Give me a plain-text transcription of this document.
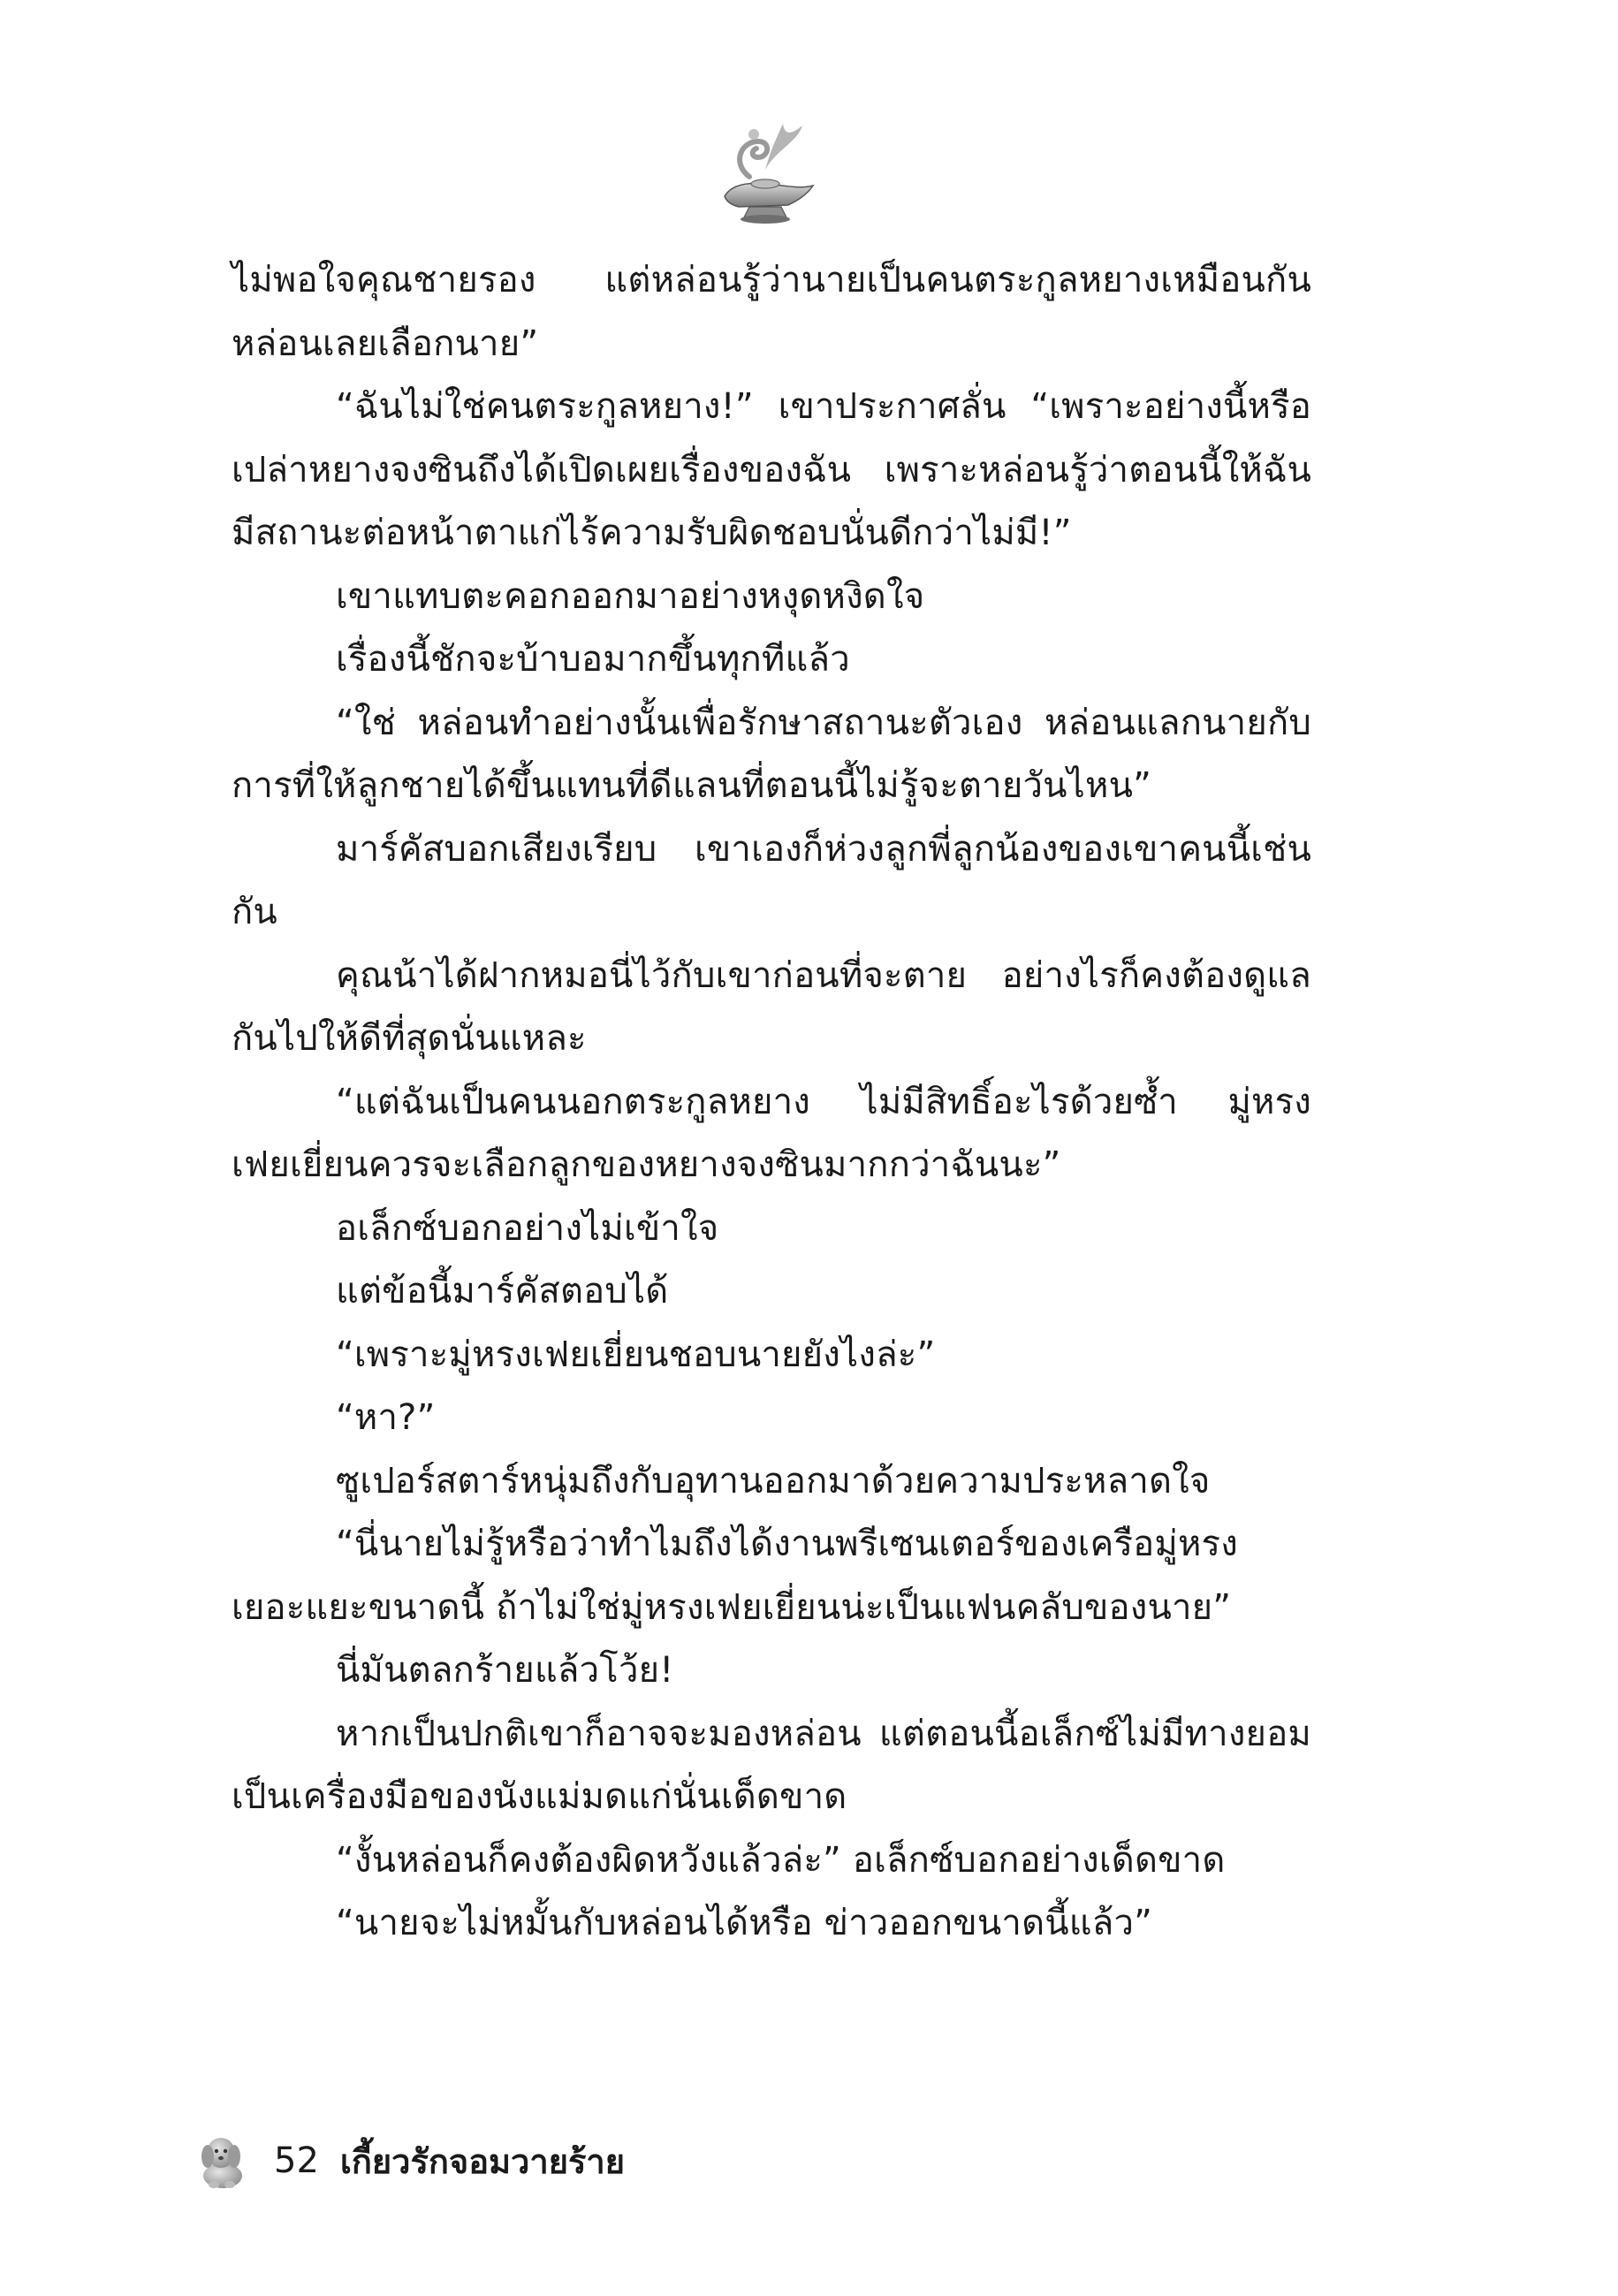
ไม่พอใจคุณชายรอง แต่หล่อนรู้ว่านายเป็นคนตระกูลหยางเหมือนกัน หล่อนเลยเลือกนาย”

“ฉันไม่ใช่คนตระกูลหยาง!” เขาประกาศลั่น “เพราะอย่างนี้หรือเปล่าหยางจงซินถึงได้เปิดเผยเรื่องของฉัน เพราะหล่อนรู้ว่าตอนนี้ให้ฉันมีสถานะต่อหน้าตาแก่ไร้ความรับผิดชอบนั่นดีกว่าไม่มี!”

เขาแทบตะคอกออกมาอย่างหงุดหงิดใจ

เรื่องนี้ชักจะบ้าบอมากขึ้นทุกทีแล้ว

“ใช่ หล่อนทำอย่างนั้นเพื่อรักษาสถานะตัวเอง หล่อนแลกนายกับการที่ให้ลูกชายได้ขึ้นแทนที่ดีแลนที่ตอนนี้ไม่รู้จะตายวันไหน”

มาร์คัสบอกเสียงเรียบ เขาเองก็ห่วงลูกพี่ลูกน้องของเขาคนนี้เช่นกัน

คุณน้าได้ฝากหมอนี่ไว้กับเขาก่อนที่จะตาย อย่างไรก็คงต้องดูแลกันไปให้ดีที่สุดนั่นแหละ

“แต่ฉันเป็นคนนอกตระกูลหยาง ไม่มีสิทธิ์อะไรด้วยซ้ำ มู่หรงเฟยเยี่ยนควรจะเลือกลูกของหยางจงซินมากกว่าฉันนะ”

อเล็กซ์บอกอย่างไม่เข้าใจ

แต่ข้อนี้มาร์คัสตอบได้

“เพราะมู่หรงเฟยเยี่ยนชอบนายยังไงล่ะ”

“หา?”

ซูเปอร์สตาร์หนุ่มถึงกับอุทานออกมาด้วยความประหลาดใจ

“นี่นายไม่รู้หรือว่าทำไมถึงได้งานพรีเซนเตอร์ของเครือมู่หรงเยอะแยะขนาดนี้ ถ้าไม่ใช่มู่หรงเฟยเยี่ยนน่ะเป็นแฟนคลับของนาย”

นี่มันตลกร้ายแล้วโว้ย!

หากเป็นปกติเขาก็อาจจะมองหล่อน แต่ตอนนี้อเล็กซ์ไม่มีทางยอมเป็นเครื่องมือของนังแม่มดแก่นั่นเด็ดขาด

“งั้นหล่อนก็คงต้องผิดหวังแล้วล่ะ” อเล็กซ์บอกอย่างเด็ดขาด

“นายจะไม่หมั้นกับหล่อนได้หรือ ข่าวออกขนาดนี้แล้ว”

52 เกี้ยวรักจอมวายร้าย
